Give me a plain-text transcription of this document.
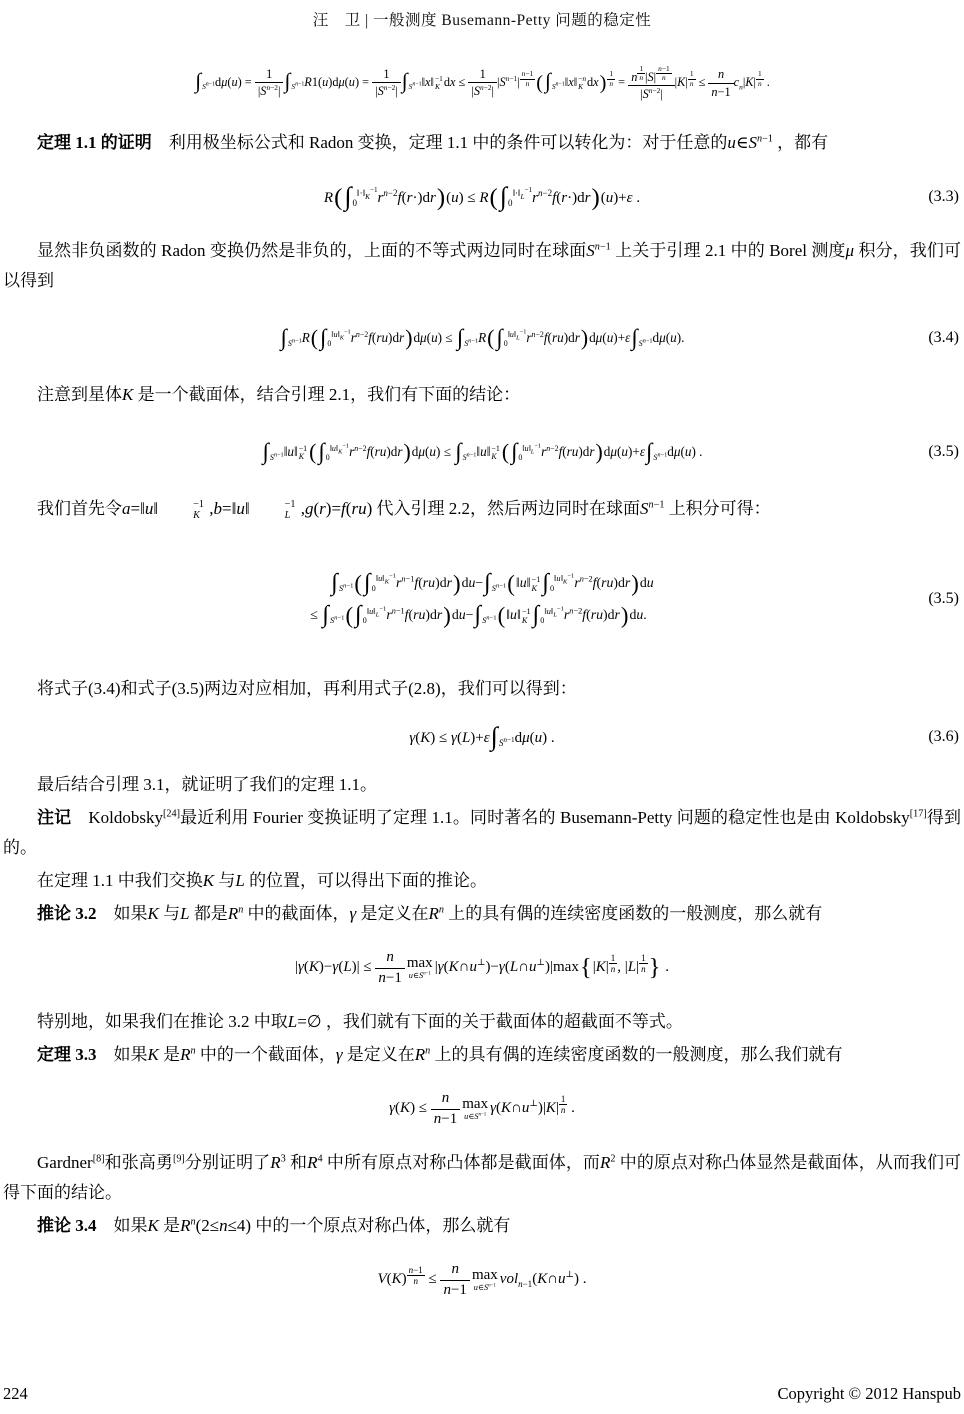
汪　卫 | 一般测度 Busemann-Petty 问题的稳定性
$\int_{S^{n-1}}d\mu(u) = \frac{1}{|S^{n-2}|} \int_{S^{n-1}}R1(u)d\mu(u) = \frac{1}{|S^{n-2}|}$ $\int_{S^{n-1}}‖x‖ -1$
K dx ≤ $\frac{1}{|S^{n-2}|} |S^{n-1}|$ $^{\frac{n-1}{n}}$ ($\int_{S^{n-1}}‖x‖ -n$
K dx) $^{\frac{1}{n}}$ = n $^{\frac{1}{n}}$ |S| $^{\frac{n-1}{n}}$
$|S^{n-2}|$ |K| $^{\frac{1}{n}} \le \frac{n}{n-1} c_n|K|$ $^{\frac{1}{n}}$ .

定理 1.1 的证明　利用极坐标公式和 Radon 变换，定理 1.1 中的条件可以转化为：对于任意的$u\in S^{n-1}$ ，都有

$R(\int_0^{‖\cdot‖_K^{-1}}r^{n-2}f(r\cdot)dr)(u) \le R(\int_0^{‖\cdot‖_L^{-1}}r^{n-2}f(r\cdot)dr)(u)+\varepsilon$ .	(3.3)

显然非负函数的 Radon 变换仍然是非负的，上面的不等式两边同时在球面$S^{n-1}$ 上关于引理 2.1 中的 Borel 测度μ 积分，我们可以得到

$\int_{S^{n-1}}R(\int_0^{‖u‖_K^{-1}}r^{n-2}f(ru)dr)d\mu(u) \le \int_{S^{n-1}}R(\int_0^{‖u‖_L^{-1}}r^{n-2}f(ru)dr)d\mu(u)+\varepsilon\int_{S^{n-1}}d\mu(u)$.	(3.4)

注意到星体K 是一个截面体，结合引理 2.1，我们有下面的结论：

$\int_{S^{n-1}}‖u‖ -1$
K $(\int_0^{‖u‖_K^{-1}}r^{n-2}f(ru)dr)d\mu(u)$ ≤ $\int_{S^{n-1}}‖u‖ -1$
K $(\int_0^{‖u‖_L^{-1}}r^{n-2}f(ru)dr)d\mu(u)+\varepsilon\int_{S^{n-1}}d\mu(u)$ .	(3.5)

我们首先令a=‖u‖	−1
K ,b=‖u‖	−1
L ,g(r)=f(ru) 代入引理 2.2，然后两边同时在球面$S^{n-1}$ 上积分可得：

$\int_{S^{n-1}}(\int_0^{‖u‖_K^{-1}}r^{n-1}f(ru)dr)du-\int_{S^{n-1}}(‖u‖ -1$
K $\int_0^{‖u‖_K^{-1}}r^{n-2}f(ru)dr)du$
≤ $\int_{S^{n-1}}(\int_0^{‖u‖_L^{-1}}r^{n-1}f(ru)dr)du-\int_{S^{n-1}}(‖u‖ -1$
K $\int_0^{‖u‖_L^{-1}}r^{n-2}f(ru)dr)du$.
(3.5)

将式子(3.4)和式子(3.5)两边对应相加，再利用式子(2.8)，我们可以得到：

$\gamma(K) \le \gamma(L)+\varepsilon\int_{S^{n-1}}d\mu(u)$ .	(3.6)

最后结合引理 3.1，就证明了我们的定理 1.1。

注记　Koldobsky[24]最近利用 Fourier 变换证明了定理 1.1。同时著名的 Busemann-Petty 问题的稳定性也是由 Koldobsky[17]得到的。

在定理 1.1 中我们交换K 与L 的位置，可以得出下面的推论。

推论 3.2　如果K 与L 都是$R^n$ 中的截面体，γ 是定义在$R^n$ 上的具有偶的连续密度函数的一般测度，那么就有

$|\gamma(K)-\gamma(L)| \le \frac{n}{n-1}$ max
$u\in S^{n-1}$ |γ(K∩u⊥)−γ(L∩u⊥)|max{|K| $^{\frac{1}{n}}$ , |L| $^{\frac{1}{n}}$ } .

特别地，如果我们在推论 3.2 中取L=∅ ，我们就有下面的关于截面体的超截面不等式。

定理 3.3　如果K 是$R^n$ 中的一个截面体，γ 是定义在$R^n$ 上的具有偶的连续密度函数的一般测度，那么我们就有

$\gamma(K) \le \frac{n}{n-1}$ max
$u\in S^{n-1}$ γ(K∩u⊥)|K| $^{\frac{1}{n}}$ .

Gardner[8]和张高勇[9]分别证明了$R^3$ 和$R^4$ 中所有原点对称凸体都是截面体，而$R^2$ 中的原点对称凸体显然是截面体，从而我们可得下面的结论。

推论 3.4　如果K 是$R^n(2\le n\le 4)$ 中的一个原点对称凸体，那么就有

V(K) $^{\frac{n-1}{n}} \le \frac{n}{n-1}$ max
$u\in S^{n-1}$ vol$_{n-1}$(K∩u⊥) .
224	Copyright © 2012 Hanspub
